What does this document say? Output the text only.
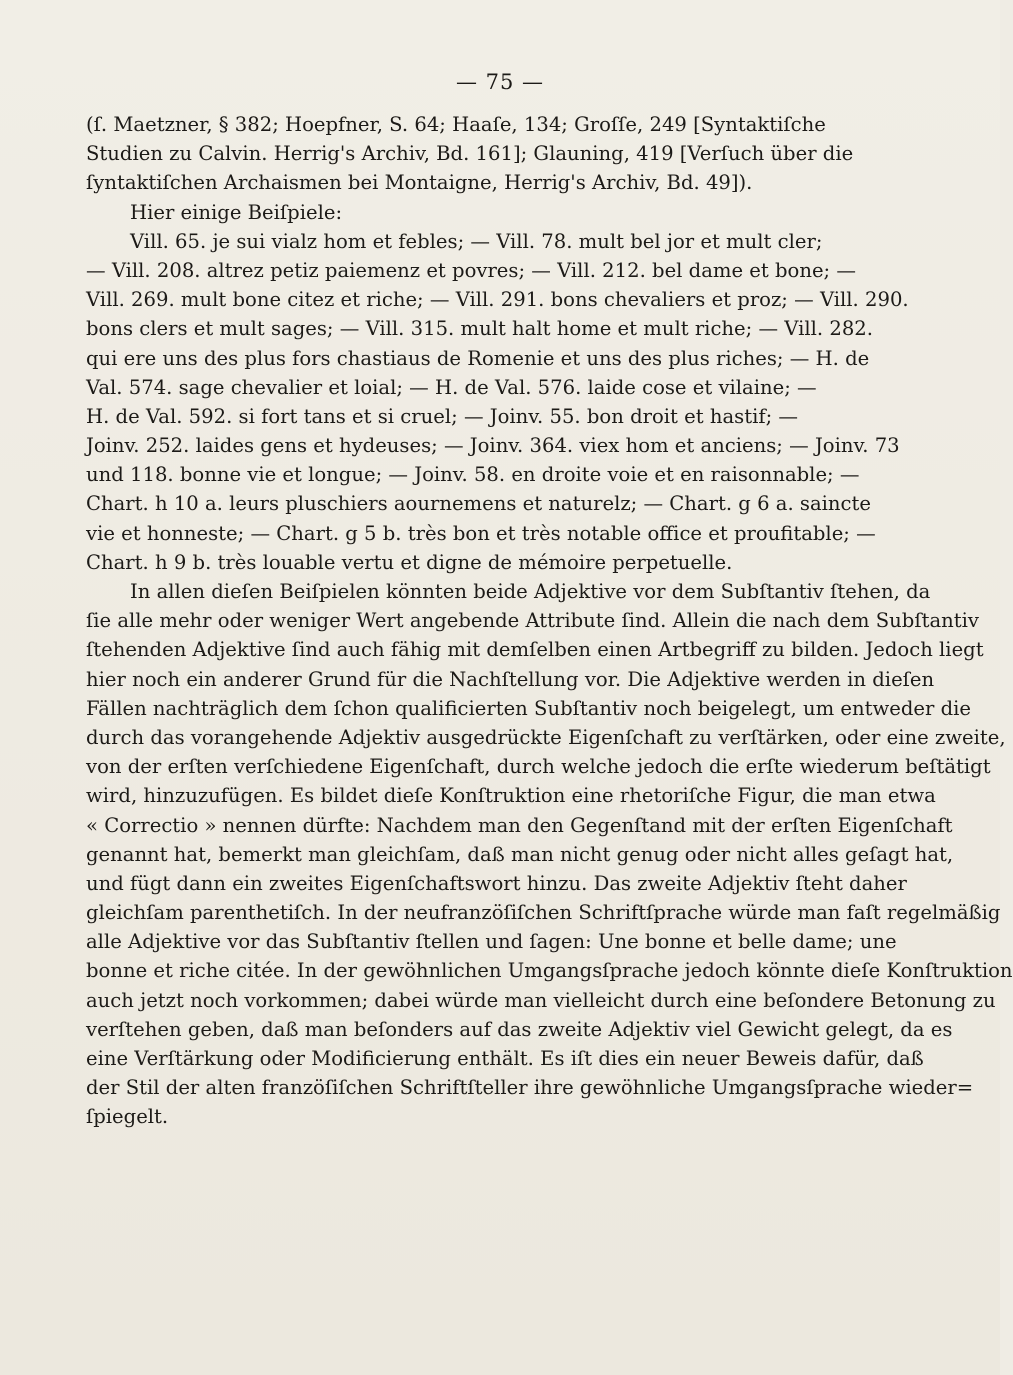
— 75 —
(ſ. Maetzner, § 382; Hoepfner, S. 64; Haaſe, 134; Groſſe, 249 [Syntaktiſche
Studien zu Calvin. Herrig's Archiv, Bd. 161]; Glauning, 419 [Verſuch über die
ſyntaktiſchen Archaismen bei Montaigne, Herrig's Archiv, Bd. 49]).
Hier einige Beiſpiele:
Vill. 65. je sui vialz hom et febles; — Vill. 78. mult bel jor et mult cler;
— Vill. 208. altrez petiz paiemenz et povres; — Vill. 212. bel dame et bone; —
Vill. 269. mult bone citez et riche; — Vill. 291. bons chevaliers et proz; — Vill. 290.
bons clers et mult sages; — Vill. 315. mult halt home et mult riche; — Vill. 282.
qui ere uns des plus fors chastiaus de Romenie et uns des plus riches; — H. de
Val. 574. sage chevalier et loial; — H. de Val. 576. laide cose et vilaine; —
H. de Val. 592. si fort tans et si cruel; — Joinv. 55. bon droit et hastif; —
Joinv. 252. laides gens et hydeuses; — Joinv. 364. viex hom et anciens; — Joinv. 73
und 118. bonne vie et longue; — Joinv. 58. en droite voie et en raisonnable; —
Chart. h 10 a. leurs pluschiers aournemens et naturelz; — Chart. g 6 a. saincte
vie et honneste; — Chart. g 5 b. très bon et très notable office et proufitable; —
Chart. h 9 b. très louable vertu et digne de mémoire perpetuelle.
In allen dieſen Beiſpielen könnten beide Adjektive vor dem Subſtantiv ſtehen, da
ſie alle mehr oder weniger Wert angebende Attribute ſind. Allein die nach dem Subſtantiv
ſtehenden Adjektive ſind auch fähig mit demſelben einen Artbegriff zu bilden. Jedoch liegt
hier noch ein anderer Grund für die Nachſtellung vor. Die Adjektive werden in dieſen
Fällen nachträglich dem ſchon qualificierten Subſtantiv noch beigelegt, um entweder die
durch das vorangehende Adjektiv ausgedrückte Eigenſchaft zu verſtärken, oder eine zweite,
von der erſten verſchiedene Eigenſchaft, durch welche jedoch die erſte wiederum beſtätigt
wird, hinzuzufügen. Es bildet dieſe Konſtruktion eine rhetoriſche Figur, die man etwa
« Correctio » nennen dürfte: Nachdem man den Gegenſtand mit der erſten Eigenſchaft
genannt hat, bemerkt man gleichſam, daß man nicht genug oder nicht alles geſagt hat,
und fügt dann ein zweites Eigenſchaftswort hinzu. Das zweite Adjektiv ſteht daher
gleichſam parenthetiſch. In der neufranzöſiſchen Schriftſprache würde man faſt regelmäßig
alle Adjektive vor das Subſtantiv ſtellen und ſagen: Une bonne et belle dame; une
bonne et riche citée. In der gewöhnlichen Umgangsſprache jedoch könnte dieſe Konſtruktion
auch jetzt noch vorkommen; dabei würde man vielleicht durch eine beſondere Betonung zu
verſtehen geben, daß man beſonders auf das zweite Adjektiv viel Gewicht gelegt, da es
eine Verſtärkung oder Modificierung enthält. Es iſt dies ein neuer Beweis dafür, daß
der Stil der alten franzöſiſchen Schriftſteller ihre gewöhnliche Umgangsſprache wieder=
ſpiegelt.
